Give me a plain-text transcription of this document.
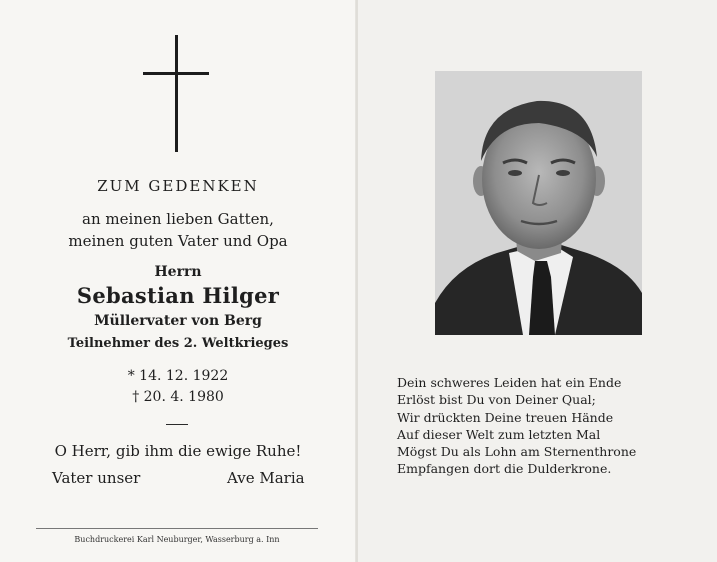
ZUM GEDENKEN
an meinen lieben Gatten,
meinen guten Vater und Opa
Herrn
Sebastian Hilger
Müllervater von Berg
Teilnehmer des 2. Weltkrieges
* 14. 12. 1922
† 20. 4. 1980
O Herr, gib ihm die ewige Ruhe!
Vater unser	Ave Maria
Buchdruckerei Karl Neuburger, Wasserburg a. Inn
Dein schweres Leiden hat ein Ende
Erlöst bist Du von Deiner Qual;
Wir drückten Deine treuen Hände
Auf dieser Welt zum letzten Mal
Mögst Du als Lohn am Sternenthrone
Empfangen dort die Dulderkrone.
